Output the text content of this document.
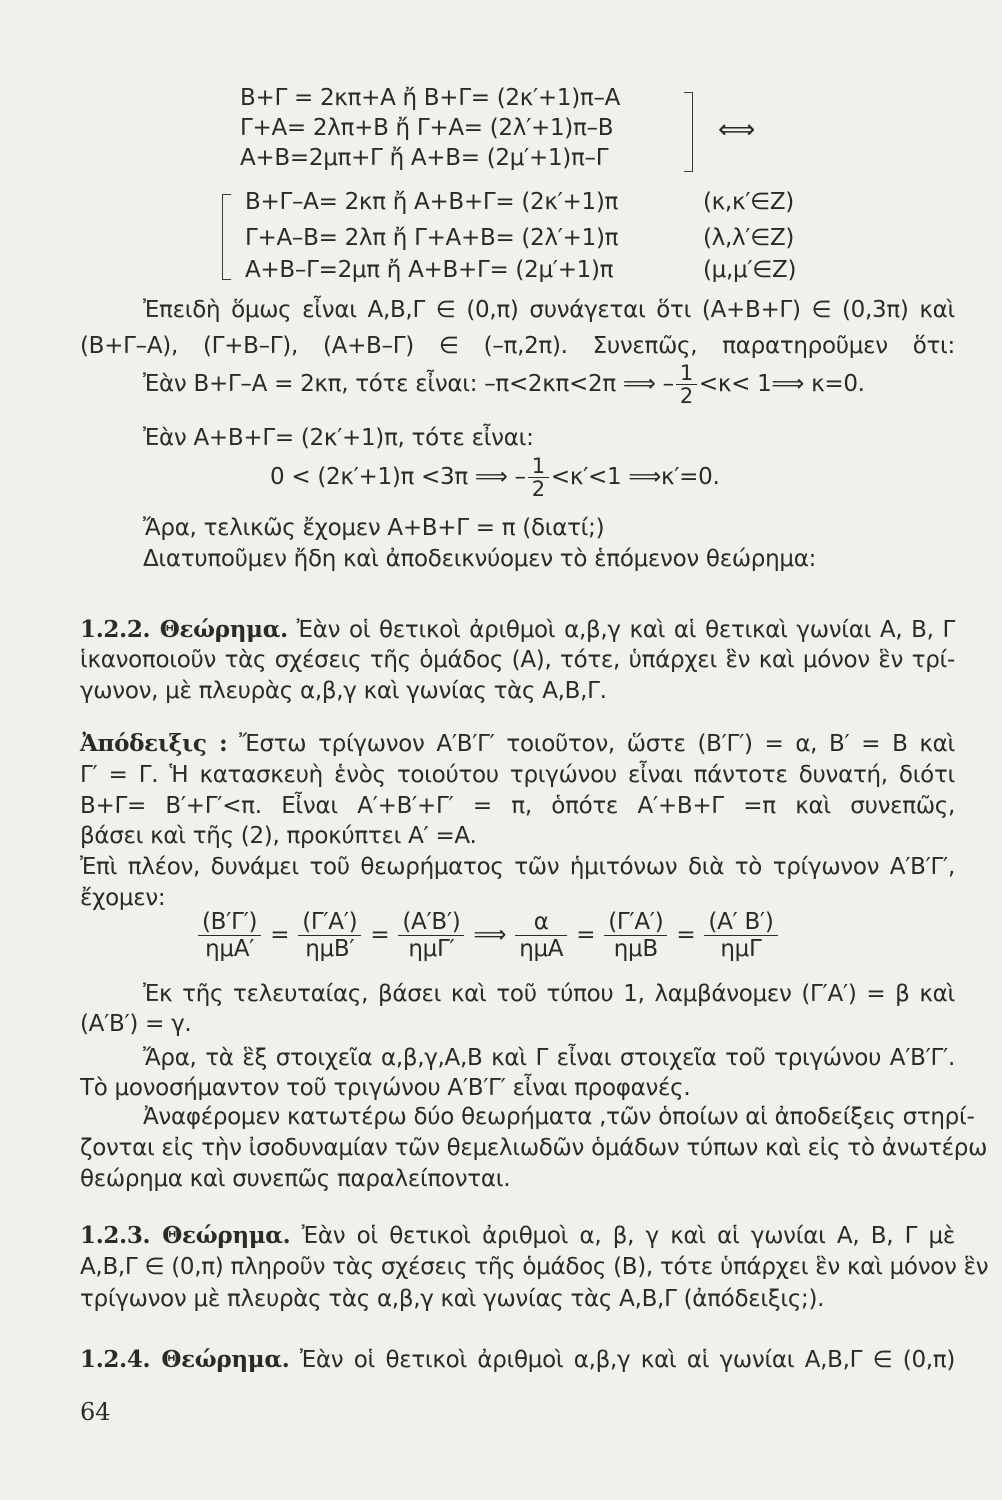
B+Γ = 2κπ+A ἤ B+Γ= (2κ′+1)π–A
Γ+A= 2λπ+B ἤ Γ+A= (2λ′+1)π–B
A+B=2μπ+Γ ἤ A+B= (2μ′+1)π–Γ
⟺
B+Γ–A= 2κπ ἤ A+B+Γ= (2κ′+1)π
Γ+A–B= 2λπ ἤ Γ+A+B= (2λ′+1)π
A+B–Γ=2μπ ἤ A+B+Γ= (2μ′+1)π
(κ,κ′∈Z)
(λ,λ′∈Z)
(μ,μ′∈Z)
Ἐπειδὴ ὅμως εἶναι A,B,Γ ∈ (0,π) συνάγεται ὅτι (A+B+Γ) ∈ (0,3π) καὶ
(B+Γ–A), (Γ+B–Γ), (A+B–Γ) ∈ (–π,2π). Συνεπῶς, παρατηρoῦμεν ὅτι:
Ἐὰν B+Γ–A = 2κπ, τότε εἶναι: –π<2κπ<2π ⟹ – $\frac{1}{2} <\kappa<$ 1⟹ κ=0.
Ἐὰν A+B+Γ= (2κ′+1)π, τότε εἶναι:
0 < (2κ′+1)π <3π ⟹ – $\frac{1}{2} <\kappa'<1$ ⟹κ′=0.
Ἄρα, τελικῶς ἔχομεν A+B+Γ = π (διατί;)
Διατυπoῦμεν ἤδη καὶ ἀποδεικνύομεν τὸ ἑπόμενον θεώρημα:
1.2.2. Θεώρημα. Ἐὰν οἱ θετικοὶ ἀριθμοὶ α,β,γ καὶ αἱ θετικαὶ γωνίαι A, B, Γ
ἱκανοποιοῦν τὰς σχέσεις τῆς ὁμάδος (A), τότε, ὑπάρχει ἓν καὶ μόνον ἓν τρί-
γωνον, μὲ πλευρὰς α,β,γ καὶ γωνίας τὰς A,B,Γ.
Ἀπόδειξις : Ἔστω τρίγωνον A′B′Γ′ τοιοῦτον, ὥστε (B′Γ′) = α, B′ = B καὶ
Γ′ = Γ. Ἡ κατασκευὴ ἑνὸς τοιούτου τριγώνου εἶναι πάντοτε δυνατή, διότι
B+Γ= B′+Γ′<π. Εἶναι A′+B′+Γ′ = π, ὁπότε A′+B+Γ =π καὶ συνεπῶς,
βάσει καὶ τῆς (2), προκύπτει A′ =A.
Ἐπὶ πλέον, δυνάμει τοῦ θεωρήματος τῶν ἡμιτόνων διὰ τὸ τρίγωνον A′B′Γ′,
ἔχομεν:
$\frac{(B'\Gamma')}{\text{ημA′}} = \frac{(\Gamma'A')}{\text{ημB′}} = \frac{(A'B')}{\text{ημΓ′}}$ ⟹ $\frac{\alpha}{\text{ημA}} = \frac{(\Gamma'A')}{\text{ημB}} = \frac{(A' B')}{\text{ημΓ}}$
Ἐκ τῆς τελευταίας, βάσει καὶ τοῦ τύπου 1, λαμβάνομεν (Γ′A′) = β καὶ
(A′B′) = γ.
Ἄρα, τὰ ἓξ στοιχεῖα α,β,γ,A,B καὶ Γ εἶναι στοιχεῖα τοῦ τριγώνου A′B′Γ′.
Τὸ μονοσήμαντον τοῦ τριγώνου A′B′Γ′ εἶναι προφανές.
Ἀναφέρομεν κατωτέρω δύο θεωρήματα ,τῶν ὁποίων αἱ ἀποδείξεις στηρί-
ζονται εἰς τὴν ἰσοδυναμίαν τῶν θεμελιωδῶν ὁμάδων τύπων καὶ εἰς τὸ ἀνωτέρω
θεώρημα καὶ συνεπῶς παραλείπονται.
1.2.3. Θεώρημα. Ἐὰν οἱ θετικοὶ ἀριθμοὶ α, β, γ καὶ αἱ γωνίαι A, B, Γ μὲ
A,B,Γ ∈ (0,π) πληροῦν τὰς σχέσεις τῆς ὁμάδος (B), τότε ὑπάρχει ἓν καὶ μόνον ἓν
τρίγωνον μὲ πλευρὰς τὰς α,β,γ καὶ γωνίας τὰς A,B,Γ (ἀπόδειξις;).
1.2.4. Θεώρημα. Ἐὰν οἱ θετικοὶ ἀριθμοὶ α,β,γ καὶ αἱ γωνίαι A,B,Γ ∈ (0,π)
64
